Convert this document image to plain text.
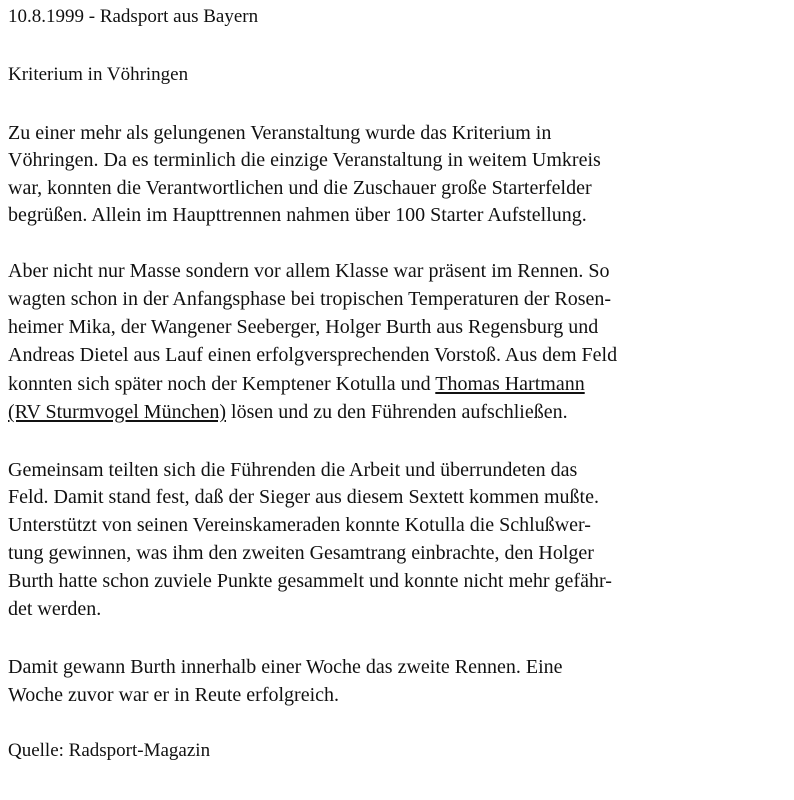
10.8.1999 - Radsport aus Bayern
Kriterium in Vöhringen
Zu einer mehr als gelungenen Veranstaltung wurde das Kriterium in
Vöhringen. Da es terminlich die einzige Veranstaltung in weitem Umkreis
war, konnten die Verantwortlichen und die Zuschauer große Starterfelder
begrüßen. Allein im Haupttrennen nahmen über 100 Starter Aufstellung.
Aber nicht nur Masse sondern vor allem Klasse war präsent im Rennen. So
wagten schon in der Anfangsphase bei tropischen Temperaturen der Rosen-
heimer Mika, der Wangener Seeberger, Holger Burth aus Regensburg und
Andreas Dietel aus Lauf einen erfolgversprechenden Vorstoß. Aus dem Feld
konnten sich später noch der Kemptener Kotulla und Thomas Hartmann
(RV Sturmvogel München) lösen und zu den Führenden aufschließen.
Gemeinsam teilten sich die Führenden die Arbeit und überrundeten das
Feld. Damit stand fest, daß der Sieger aus diesem Sextett kommen mußte.
Unterstützt von seinen Vereinskameraden konnte Kotulla die Schlußwer-
tung gewinnen, was ihm den zweiten Gesamtrang einbrachte, den Holger
Burth hatte schon zuviele Punkte gesammelt und konnte nicht mehr gefähr-
det werden.
Damit gewann Burth innerhalb einer Woche das zweite Rennen. Eine
Woche zuvor war er in Reute erfolgreich.
Quelle: Radsport-Magazin
